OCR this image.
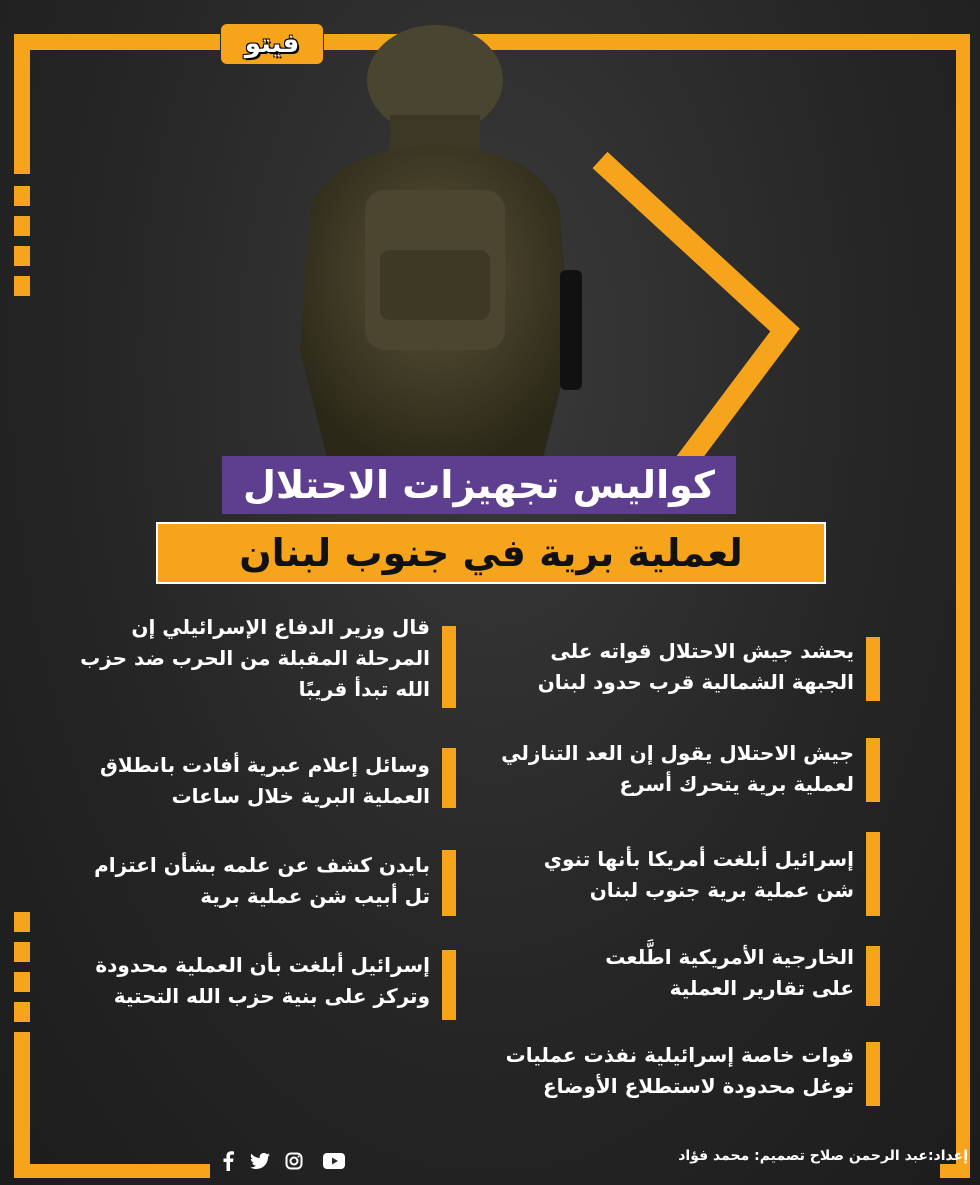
فيتو
كواليس تجهيزات الاحتلال
لعملية برية في جنوب لبنان
يحشد جيش الاحتلال قواته على
الجبهة الشمالية قرب حدود لبنان
جيش الاحتلال يقول إن العد التنازلي
لعملية برية يتحرك أسرع
إسرائيل أبلغت أمريكا بأنها تنوي
شن عملية برية جنوب لبنان
الخارجية الأمريكية اطَّلعت
على تقارير العملية
قوات خاصة إسرائيلية نفذت عمليات
توغل محدودة لاستطلاع الأوضاع
قال وزير الدفاع الإسرائيلي إن
المرحلة المقبلة من الحرب ضد حزب
الله تبدأ قريبًا
وسائل إعلام عبرية أفادت بانطلاق
العملية البرية خلال ساعات
بايدن كشف عن علمه بشأن اعتزام
تل أبيب شن عملية برية
إسرائيل أبلغت بأن العملية محدودة
وتركز على بنية حزب الله التحتية
إعداد:عبد الرحمن صلاح تصميم: محمد فؤاد
